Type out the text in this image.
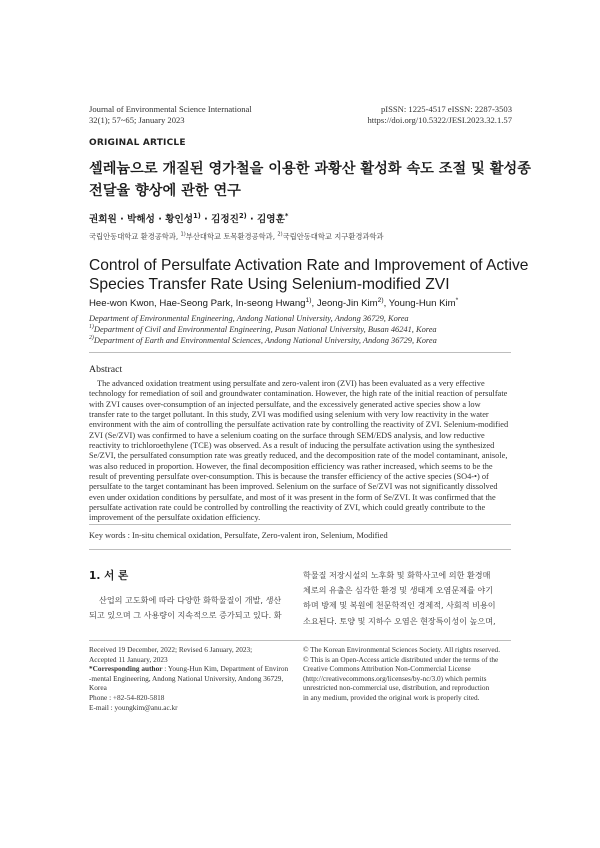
Journal of Environmental Science International
32(1); 57~65; January 2023
pISSN: 1225-4517 eISSN: 2287-3503
https://doi.org/10.5322/JESI.2023.32.1.57
ORIGINAL ARTICLE
셀레늄으로 개질된 영가철을 이용한 과황산 활성화 속도 조절 및 활성종
전달율 향상에 관한 연구
권희원 · 박해성 · 황인성$^{1)}$ · 김정진$^{2)}$ · 김영훈*
국립안동대학교 환경공학과, $^{1)}$부산대학교 토목환경공학과, $^{2)}$국립안동대학교 지구환경과학과
Control of Persulfate Activation Rate and Improvement of Active
Species Transfer Rate Using Selenium-modified ZVI
Hee-won Kwon, Hae-Seong Park, In-seong Hwang$^{1)}$, Jeong-Jin Kim$^{2)}$, Young-Hun Kim*
Department of Environmental Engineering, Andong National University, Andong 36729, Korea
$^{1)}$Department of Civil and Environmental Engineering, Pusan National University, Busan 46241, Korea
$^{2)}$Department of Earth and Environmental Sciences, Andong National University, Andong 36729, Korea
Abstract
The advanced oxidation treatment using persulfate and zero-valent iron (ZVI) has been evaluated as a very effective
technology for remediation of soil and groundwater contamination. However, the high rate of the initial reaction of persulfate
with ZVI causes over-consumption of an injected persulfate, and the excessively generated active species show a low
transfer rate to the target pollutant. In this study, ZVI was modified using selenium with very low reactivity in the water
environment with the aim of controlling the persulfate activation rate by controlling the reactivity of ZVI. Selenium-modified
ZVI (Se/ZVI) was confirmed to have a selenium coating on the surface through SEM/EDS analysis, and low reductive
reactivity to trichloroethylene (TCE) was observed. As a result of inducing the persulfate activation using the synthesized
Se/ZVI, the persulfated consumption rate was greatly reduced, and the decomposition rate of the model contaminant, anisole,
was also reduced in proportion. However, the final decomposition efficiency was rather increased, which seems to be the
result of preventing persulfate over-consumption. This is because the transfer efficiency of the active species (SO4-•) of
persulfate to the target contaminant has been improved. Selenium on the surface of Se/ZVI was not significantly dissolved
even under oxidation conditions by persulfate, and most of it was present in the form of Se/ZVI. It was confirmed that the
persulfate activation rate could be controlled by controlling the reactivity of ZVI, which could greatly contribute to the
improvement of the persulfate oxidation efficiency.
Key words : In-situ chemical oxidation, Persulfate, Zero-valent iron, Selenium, Modified
1. 서 론
산업의 고도화에 따라 다양한 화학물질이 개발, 생산
되고 있으며 그 사용량이 지속적으로 증가되고 있다. 화
학물질 저장시설의 노후화 및 화학사고에 의한 환경매
체로의 유출은 심각한 환경 및 생태계 오염문제를 야기
하며 방제 및 복원에 천문학적인 경제적, 사회적 비용이
소요된다. 토양 및 지하수 오염은 현장특이성이 높으며,
Received 19 December, 2022; Revised 6 January, 2023;
Accepted 11 January, 2023
*Corresponding author : Young-Hun Kim, Department of Environ
-mental Engineering, Andong National University, Andong 36729,
Korea
Phone : +82-54-820-5818
E-mail : youngkim@anu.ac.kr
© The Korean Environmental Sciences Society. All rights reserved.
© This is an Open-Access article distributed under the terms of the
Creative Commons Attribution Non-Commercial License
(http://creativecommons.org/licenses/by-nc/3.0) which permits
unrestricted non-commercial use, distribution, and reproduction
in any medium, provided the original work is properly cited.
